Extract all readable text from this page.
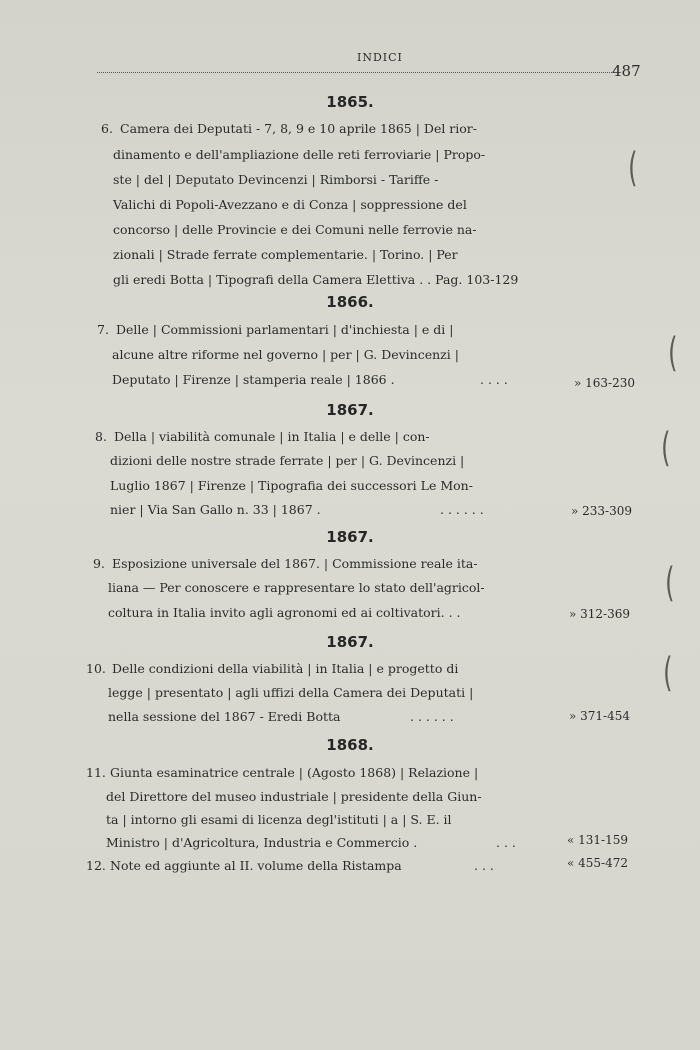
INDICI
487
1865.
6. Camera dei Deputati - 7, 8, 9 e 10 aprile 1865 | Del rior-
dinamento e dell'ampliazione delle reti ferroviarie | Propo-
ste | del | Deputato Devincenzi | Rimborsi - Tariffe -
Valichi di Popoli-Avezzano e di Conza | soppressione del
concorso | delle Provincie e dei Comuni nelle ferrovie na-
zionali | Strade ferrate complementarie. | Torino. | Per
gli eredi Botta | Tipografi della Camera Elettiva . . Pag. 103-129
1866.
7. Delle | Commissioni parlamentari | d'inchiesta | e di |
alcune altre riforme nel governo | per | G. Devincenzi |
Deputato | Firenze | stamperia reale | 1866 .	. . . .	» 163-230
1867.
8. Della | viabilità comunale | in Italia | e delle | con-
dizioni delle nostre strade ferrate | per | G. Devincenzi |
Luglio 1867 | Firenze | Tipografia dei successori Le Mon-
nier | Via San Gallo n. 33 | 1867 .	. . . . . .	» 233-309
1867.
9. Esposizione universale del 1867. | Commissione reale ita-
liana — Per conoscere e rappresentare lo stato dell'agricol-
coltura in Italia invito agli agronomi ed ai coltivatori. . .	» 312-369
1867.
10. Delle condizioni della viabilità | in Italia | e progetto di
legge | presentato | agli uffizi della Camera dei Deputati |
nella sessione del 1867 - Eredi Botta	. . . . . .	» 371-454
1868.
11. Giunta esaminatrice centrale | (Agosto 1868) | Relazione |
del Direttore del museo industriale | presidente della Giun-
ta | intorno gli esami di licenza degl'istituti | a | S. E. il
Ministro | d'Agricoltura, Industria e Commercio .	. . .	« 131-159
12. Note ed aggiunte al II. volume della Ristampa	. . .	« 455-472
(
(
(
(
(
